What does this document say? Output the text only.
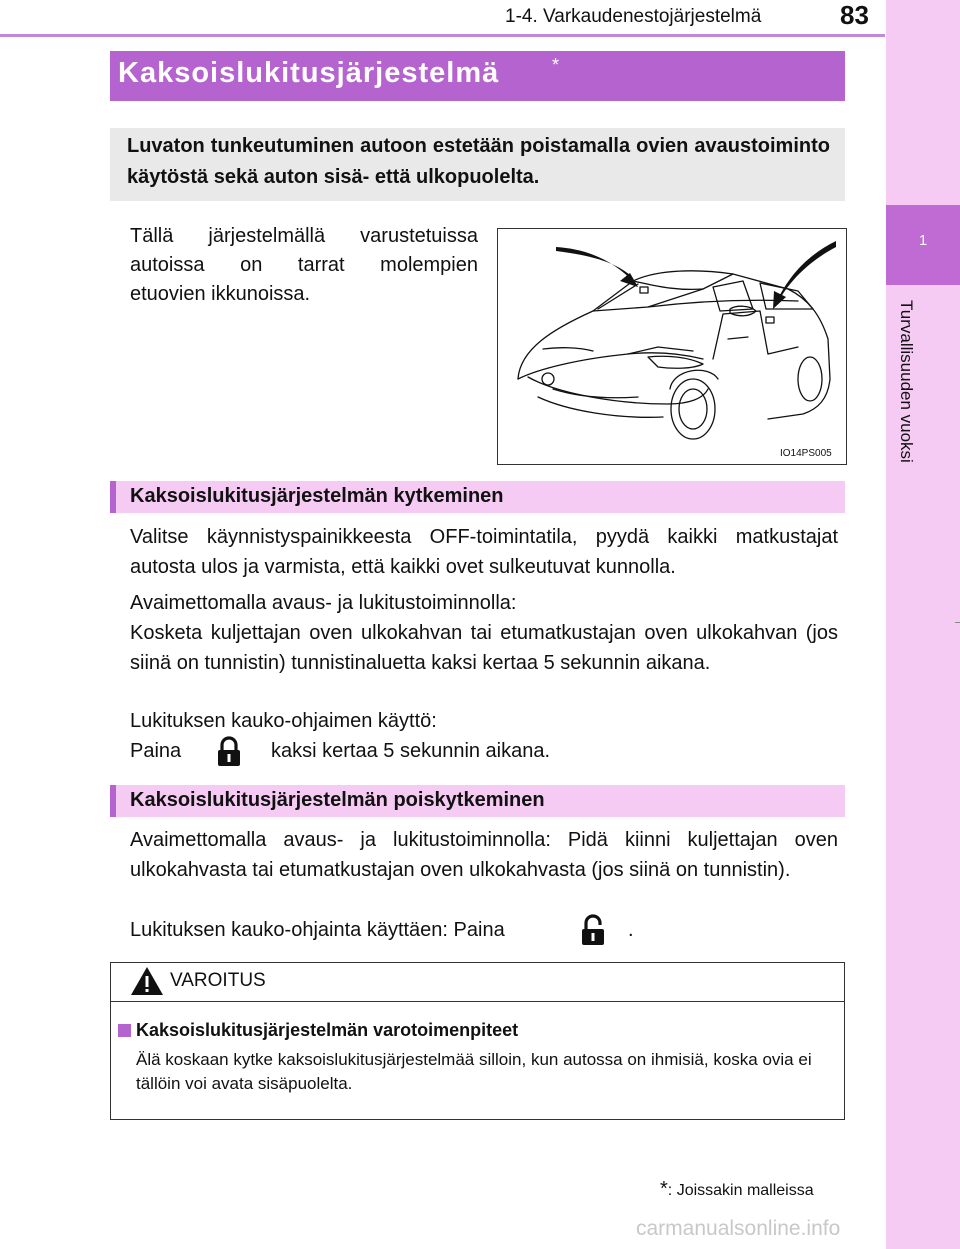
1-4. Varkaudenestojärjestelmä	83
1
Turvallisuuden vuoksi
Kaksoislukitusjärjestelmä	*
Luvaton tunkeutuminen autoon estetään poistamalla ovien avaustoiminto käytöstä sekä auton sisä- että ulkopuolelta.
Tällä järjestelmällä varustetuissa
autoissa on tarrat molempien
etuovien ikkunoissa.
IO14PS005
Kaksoislukitusjärjestelmän kytkeminen
Valitse käynnistyspainikkeesta OFF-toimintatila, pyydä kaikki matkustajat autosta ulos ja varmista, että kaikki ovet sulkeutuvat kunnolla.
Avaimettomalla avaus- ja lukitustoiminnolla:
Kosketa kuljettajan oven ulkokahvan tai etumatkustajan oven ulkokahvan (jos siinä on tunnistin) tunnistinaluetta kaksi kertaa 5 sekunnin aikana.
Lukituksen kauko-ohjaimen käyttö:
Paina	kaksi kertaa 5 sekunnin aikana.
Kaksoislukitusjärjestelmän poiskytkeminen
Avaimettomalla avaus- ja lukitustoiminnolla: Pidä kiinni kuljettajan oven ulkokahvasta tai etumatkustajan oven ulkokahvasta (jos siinä on tunnistin).
Lukituksen kauko-ohjainta käyttäen: Paina	.
VAROITUS
Kaksoislukitusjärjestelmän varotoimenpiteet
Älä koskaan kytke kaksoislukitusjärjestelmää silloin, kun autossa on ihmisiä, koska ovia ei tällöin voi avata sisäpuolelta.
*: Joissakin malleissa
carmanualsonline.info
